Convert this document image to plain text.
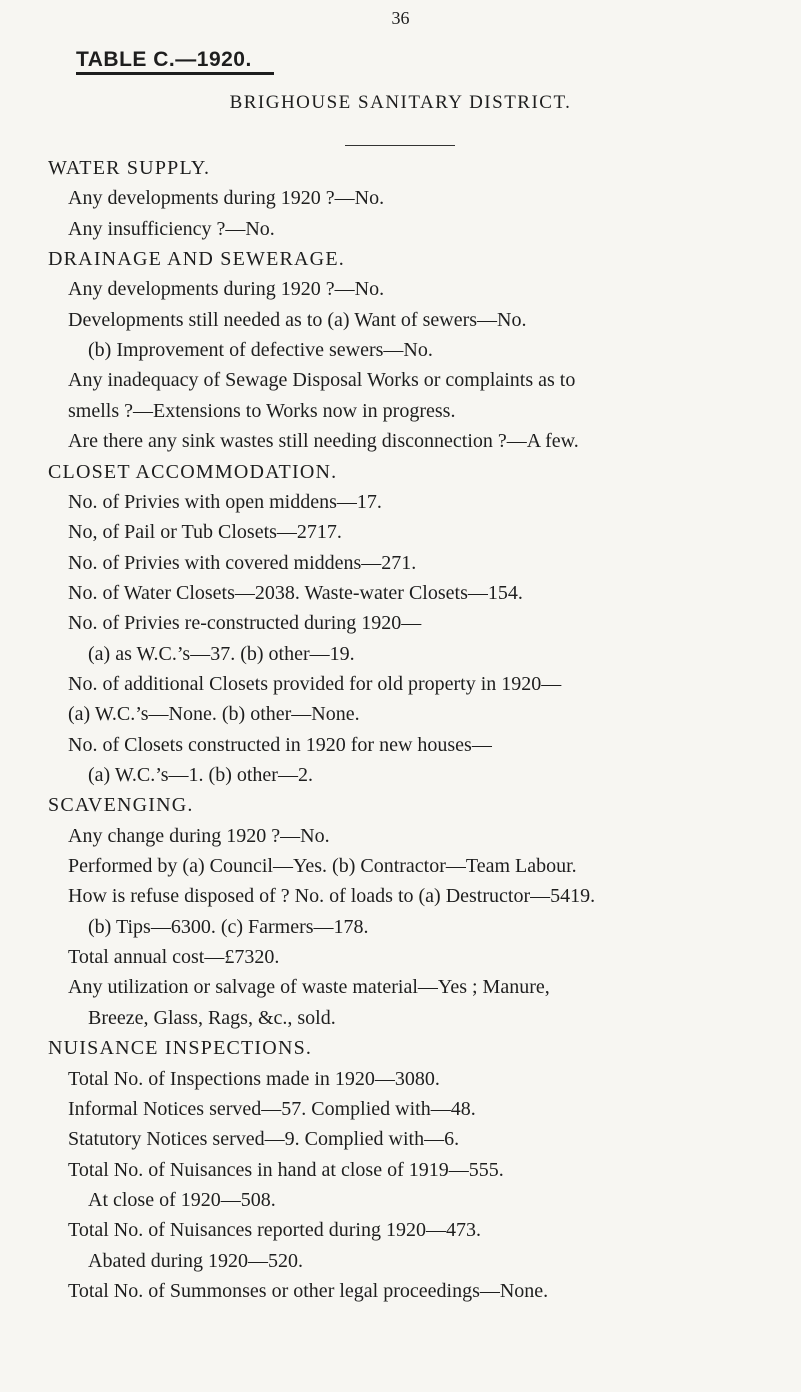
36
TABLE C.—1920.
BRIGHOUSE SANITARY DISTRICT.
WATER SUPPLY.
Any developments during 1920 ?—No.
Any insufficiency ?—No.
DRAINAGE AND SEWERAGE.
Any developments during 1920 ?—No.
Developments still needed as to (a) Want of sewers—No.
(b) Improvement of defective sewers—No.
Any inadequacy of Sewage Disposal Works or complaints as to
smells ?—Extensions to Works now in progress.
Are there any sink wastes still needing disconnection ?—A few.
CLOSET ACCOMMODATION.
No. of Privies with open middens—17.
No, of Pail or Tub Closets—2717.
No. of Privies with covered middens—271.
No. of Water Closets—2038. Waste-water Closets—154.
No. of Privies re-constructed during 1920—
(a) as W.C.’s—37. (b) other—19.
No. of additional Closets provided for old property in 1920—
(a) W.C.’s—None. (b) other—None.
No. of Closets constructed in 1920 for new houses—
(a) W.C.’s—1. (b) other—2.
SCAVENGING.
Any change during 1920 ?—No.
Performed by (a) Council—Yes. (b) Contractor—Team Labour.
How is refuse disposed of ? No. of loads to (a) Destructor—5419.
(b) Tips—6300. (c) Farmers—178.
Total annual cost—£7320.
Any utilization or salvage of waste material—Yes ; Manure,
Breeze, Glass, Rags, &c., sold.
NUISANCE INSPECTIONS.
Total No. of Inspections made in 1920—3080.
Informal Notices served—57. Complied with—48.
Statutory Notices served—9. Complied with—6.
Total No. of Nuisances in hand at close of 1919—555.
At close of 1920—508.
Total No. of Nuisances reported during 1920—473.
Abated during 1920—520.
Total No. of Summonses or other legal proceedings—None.
